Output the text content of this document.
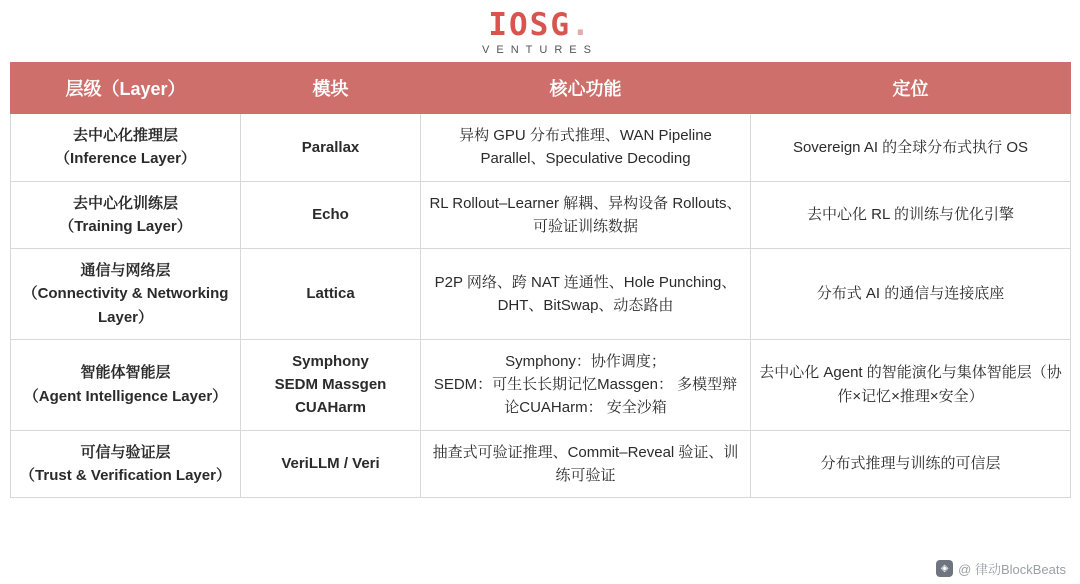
IOSG.
VENTURES
层级（Layer）	模块	核心功能	定位
去中心化推理层
（Inference Layer）	Parallax	异构 GPU 分布式推理、WAN Pipeline Parallel、Speculative Decoding	Sovereign AI 的全球分布式执行 OS
去中心化训练层
（Training Layer）	Echo	RL Rollout–Learner 解耦、异构设备 Rollouts、可验证训练数据	去中心化 RL 的训练与优化引擎
通信与网络层
（Connectivity & Networking Layer）	Lattica	P2P 网络、跨 NAT 连通性、Hole Punching、DHT、BitSwap、动态路由	分布式 AI 的通信与连接底座
智能体智能层
（Agent Intelligence Layer）	Symphony
SEDM Massgen
CUAHarm	Symphony：协作调度；
SEDM：可生长长期记忆Massgen： 多模型辩论CUAHarm： 安全沙箱	去中心化 Agent 的智能演化与集体智能层（协作×记忆×推理×安全）
可信与验证层
（Trust & Verification Layer）	VeriLLM / Veri	抽查式可验证推理、Commit–Reveal 验证、训练可验证	分布式推理与训练的可信层
◈ @ 律动BlockBeats
